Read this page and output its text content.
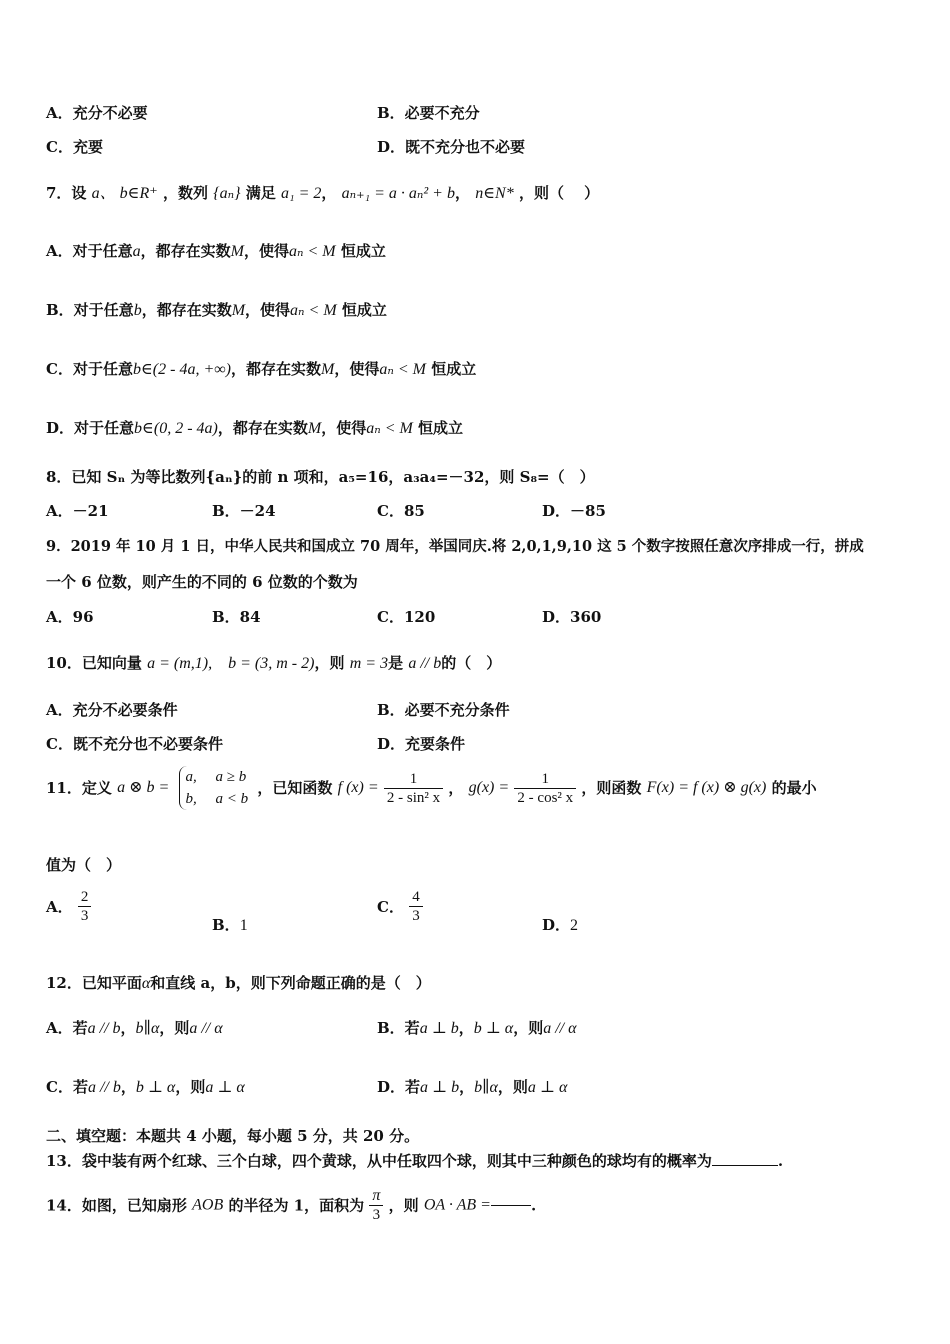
A．充分不必要	B．必要不充分
C．充要	D．既不充分也不必要
7．设 a、 b∈R⁺ ，数列 {aₙ} 满足 a₁ = 2， aₙ₊₁ = a · aₙ² + b， n∈N* ，则（　 ）
A．对于任意a，都存在实数M，使得aₙ < M 恒成立
B．对于任意b，都存在实数M，使得aₙ < M 恒成立
C．对于任意b∈(2 - 4a, +∞)，都存在实数M，使得aₙ < M 恒成立
D．对于任意b∈(0, 2 - 4a)，都存在实数M，使得aₙ < M 恒成立
8．已知 Sₙ 为等比数列{aₙ}的前 n 项和，a₅=16，a₃a₄=－32，则 S₈=（　）
A．－21	B．－24	C．85	D．－85
9．2019 年 10 月 1 日，中华人民共和国成立 70 周年，举国同庆.将 2,0,1,9,10 这 5 个数字按照任意次序排成一行，拼成
一个 6 位数，则产生的不同的 6 位数的个数为
A．96	B．84	C．120	D．360
10．已知向量 a = (m,1),　b = (3, m - 2)，则 m = 3是 a // b的（　）
A．充分不必要条件	B．必要不充分条件
C．既不充分也不必要条件	D．充要条件
11．定义 a ⊗ b =
a,　 a ≥ b
b,　 a < b
，已知函数 f $(x) = \frac{1}{\text{2 - sin² x}}$ ， $g(x) = \frac{1}{\text{2 - cos² x}}$ ，则函数 F(x) = f (x) ⊗ g(x) 的最小
值为（　）
A． $\frac{2}{3}$	B．1
C． $\frac{4}{3}$	D．2
12．已知平面α和直线 a，b，则下列命题正确的是（　）
A．若a // b，b∥α，则a // α	B．若a ⊥ b，b ⊥ α，则a // α
C．若a // b，b ⊥ α，则a ⊥ α	D．若a ⊥ b，b∥α，则a ⊥ α
二、填空题：本题共 4 小题，每小题 5 分，共 20 分。
13．袋中装有两个红球、三个白球，四个黄球，从中任取四个球，则其中三种颜色的球均有的概率为	.
14．如图，已知扇形 AOB 的半径为 1，面积为 $\frac{\pi}{3}$ ，则 OA · AB =	.
